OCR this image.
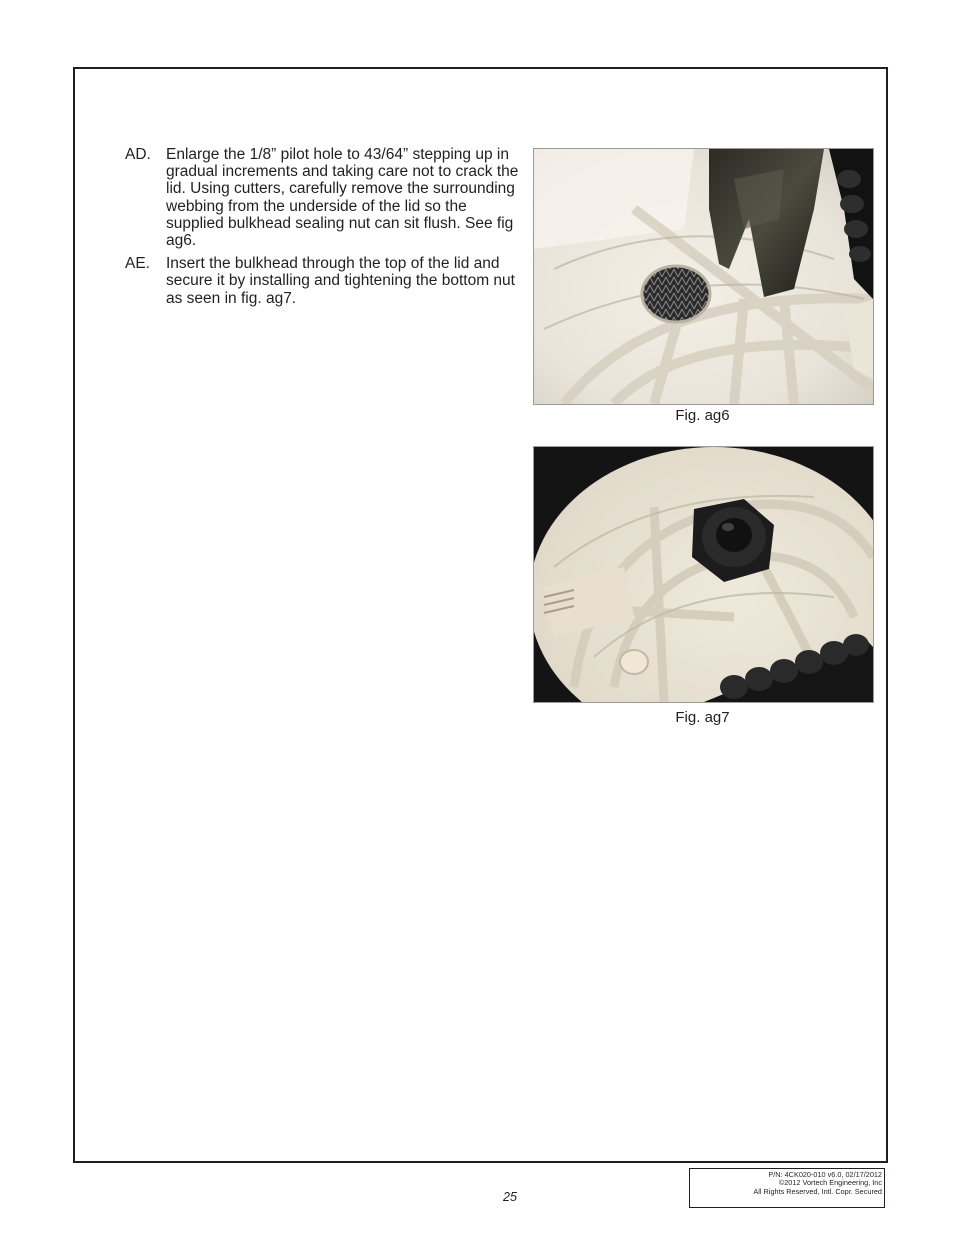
AD. Enlarge the 1/8” pilot hole to 43/64” stepping up in gradual increments and taking care not to crack the lid. Using cutters, carefully remove the surrounding webbing from the underside of the lid so the supplied bulkhead sealing nut can sit flush. See fig ag6.
AE.	Insert the bulkhead through the top of the lid and secure it by installing and tightening the bottom nut as seen in fig. ag7.
Fig. ag6
Fig. ag7
25
P/N: 4CK020-010 v6.0, 02/17/2012
©2012 Vortech Engineering, Inc
All Rights Reserved, Intl. Copr. Secured
